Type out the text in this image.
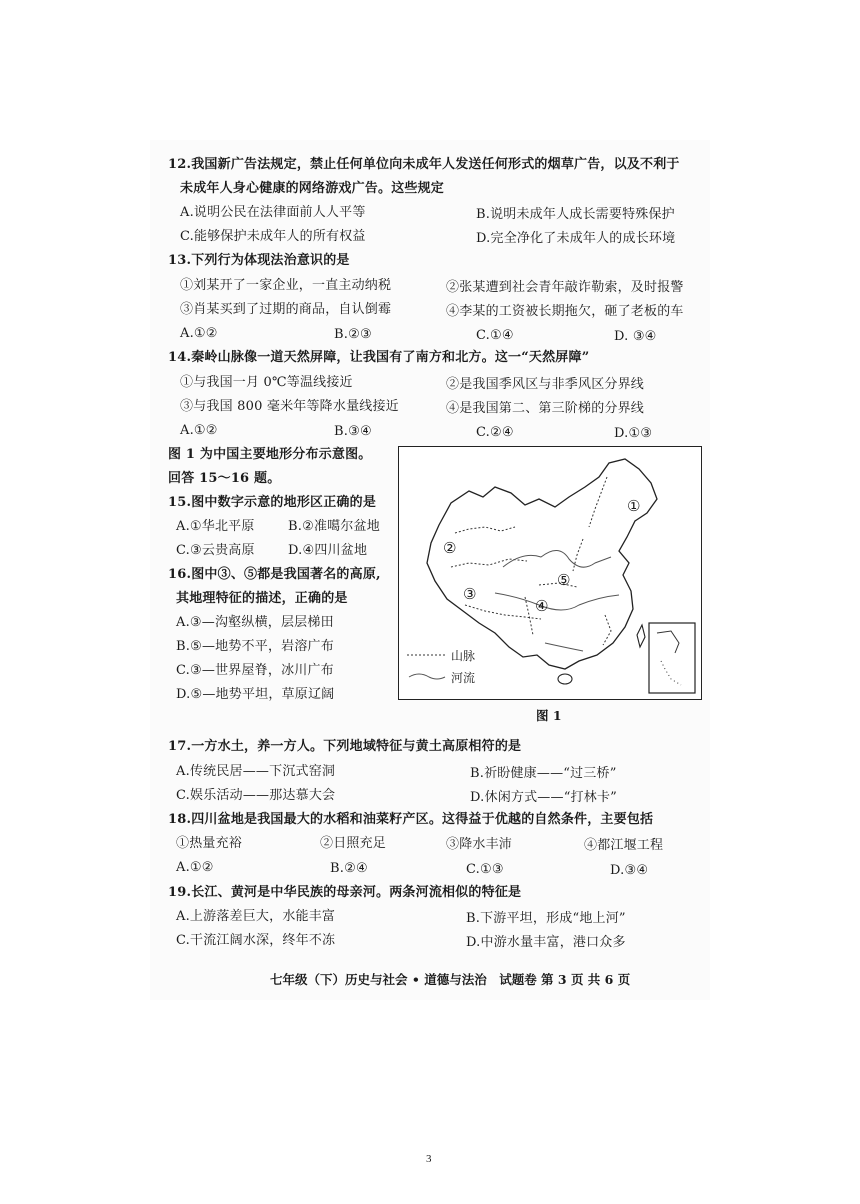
12.我国新广告法规定，禁止任何单位向未成年人发送任何形式的烟草广告，以及不利于
未成年人身心健康的网络游戏广告。这些规定
A.说明公民在法律面前人人平等	B.说明未成年人成长需要特殊保护
C.能够保护未成年人的所有权益	D.完全净化了未成年人的成长环境
13.下列行为体现法治意识的是
①刘某开了一家企业，一直主动纳税	②张某遭到社会青年敲诈勒索，及时报警
③肖某买到了过期的商品，自认倒霉	④李某的工资被长期拖欠，砸了老板的车
A.①②	B.②③	C.①④	D. ③④
14.秦岭山脉像一道天然屏障，让我国有了南方和北方。这一“天然屏障”
①与我国一月 0℃等温线接近	②是我国季风区与非季风区分界线
③与我国 800 毫米年等降水量线接近	④是我国第二、第三阶梯的分界线
A.①②	B.③④	C.②④	D.①③
图 1 为中国主要地形分布示意图。
回答 15～16 题。
15.图中数字示意的地形区正确的是
A.①华北平原	B.②准噶尔盆地
C.③云贵高原	D.④四川盆地
16.图中③、⑤都是我国著名的高原,
其地理特征的描述，正确的是
A.③—沟壑纵横，层层梯田
B.⑤—地势不平，岩溶广布
C.③—世界屋脊，冰川广布
D.⑤—地势平坦，草原辽阔
①
②
③
④
⑤
山脉
河流
图 1
17.一方水土，养一方人。下列地域特征与黄土高原相符的是
A.传统民居——下沉式窑洞	B.祈盼健康——“过三桥”
C.娱乐活动——那达慕大会	D.休闲方式——“打林卡”
18.四川盆地是我国最大的水稻和油菜籽产区。这得益于优越的自然条件，主要包括
①热量充裕	②日照充足	③降水丰沛	④都江堰工程
A.①②	B.②④	C.①③	D.③④
19.长江、黄河是中华民族的母亲河。两条河流相似的特征是
A.上游落差巨大，水能丰富	B.下游平坦，形成“地上河”
C.干流江阔水深，终年不冻	D.中游水量丰富，港口众多
七年级（下）历史与社会 • 道德与法治　试题卷 第 3 页 共 6 页
3
